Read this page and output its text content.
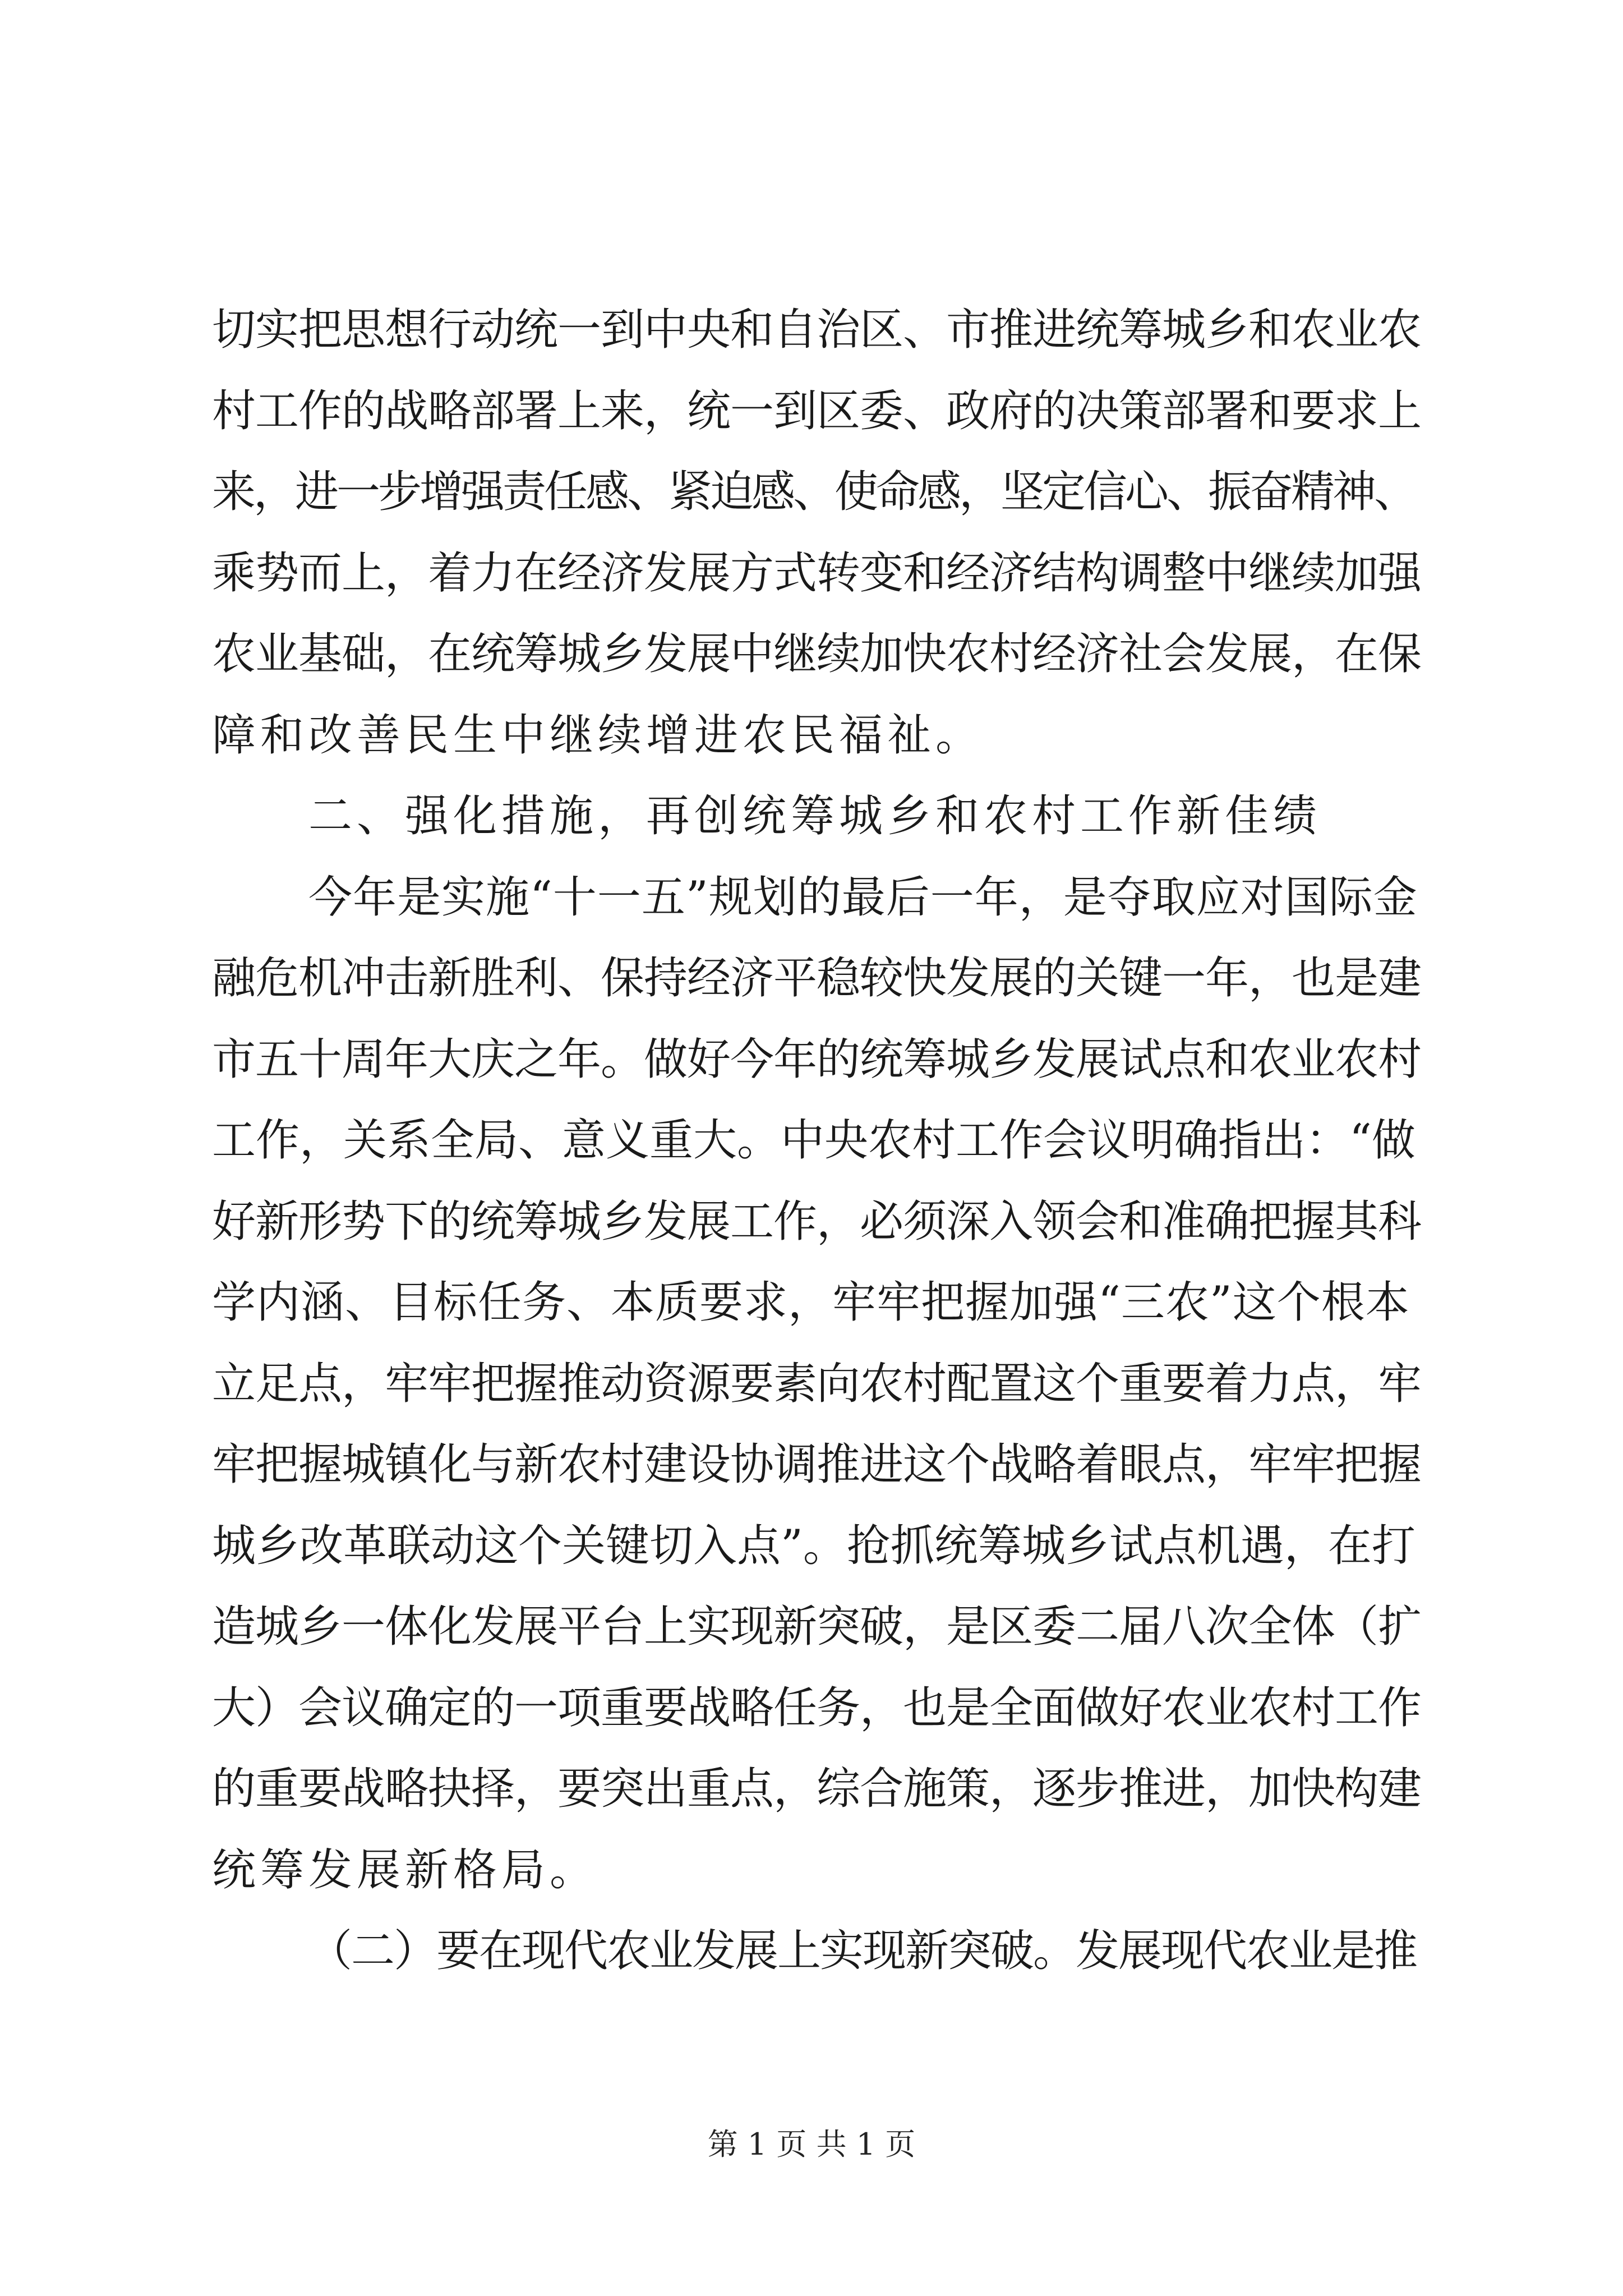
切实把思想行动统一到中央和自治区、市推进统筹城乡和农业农
村工作的战略部署上来，统一到区委、政府的决策部署和要求上
来，进一步增强责任感、紧迫感、使命感，坚定信心、振奋精神、
乘势而上，着力在经济发展方式转变和经济结构调整中继续加强
农业基础，在统筹城乡发展中继续加快农村经济社会发展，在保
障和改善民生中继续增进农民福祉。
二、强化措施，再创统筹城乡和农村工作新佳绩
今年是实施“十一五”规划的最后一年，是夺取应对国际金
融危机冲击新胜利、保持经济平稳较快发展的关键一年，也是建
市五十周年大庆之年。做好今年的统筹城乡发展试点和农业农村
工作，关系全局、意义重大。中央农村工作会议明确指出：“做
好新形势下的统筹城乡发展工作，必须深入领会和准确把握其科
学内涵、目标任务、本质要求，牢牢把握加强“三农”这个根本
立足点，牢牢把握推动资源要素向农村配置这个重要着力点，牢
牢把握城镇化与新农村建设协调推进这个战略着眼点，牢牢把握
城乡改革联动这个关键切入点”。抢抓统筹城乡试点机遇，在打
造城乡一体化发展平台上实现新突破，是区委二届八次全体（扩
大）会议确定的一项重要战略任务，也是全面做好农业农村工作
的重要战略抉择，要突出重点，综合施策，逐步推进，加快构建
统筹发展新格局。
（二）要在现代农业发展上实现新突破。发展现代农业是推
第 1 页 共 1 页
